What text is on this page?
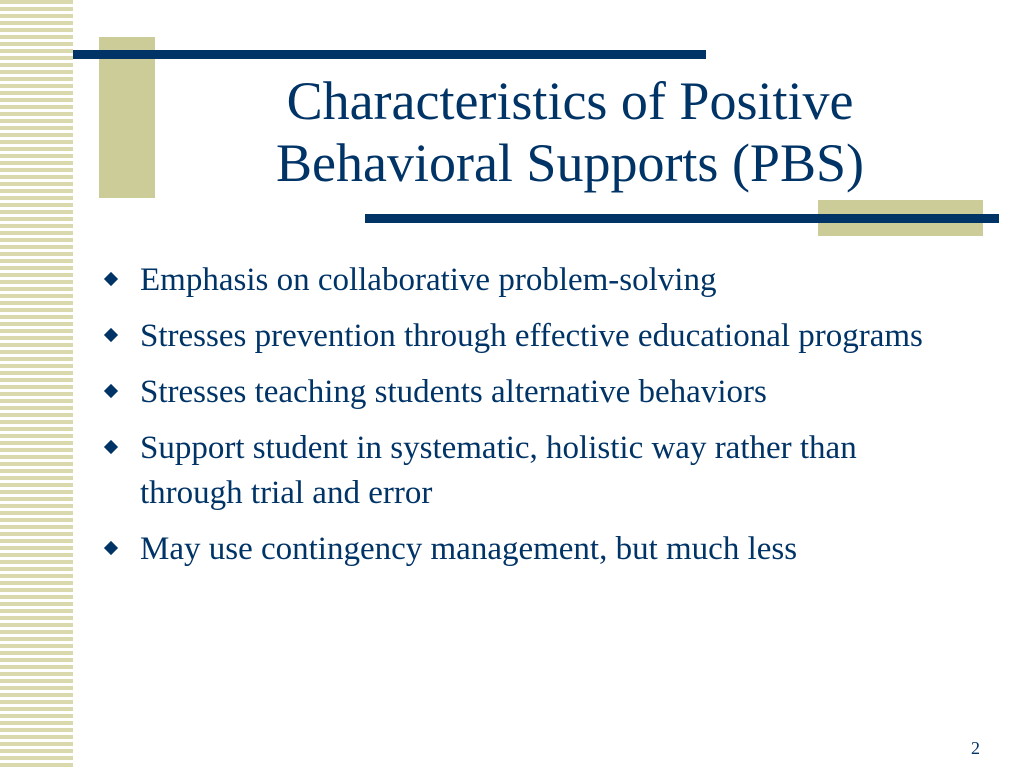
Characteristics of Positive
Behavioral Supports (PBS)
Emphasis on collaborative problem-solving
Stresses prevention through effective educational programs
Stresses teaching students alternative behaviors
Support student in systematic, holistic way rather than through trial and error
May use contingency management, but much less
2
